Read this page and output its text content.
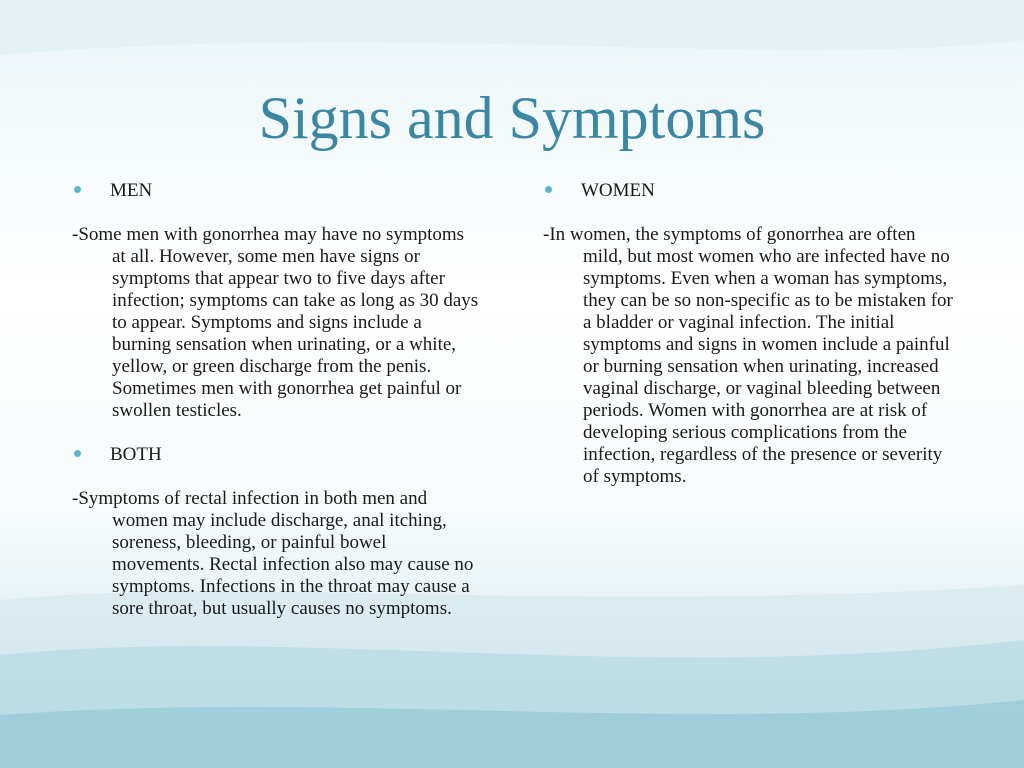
Signs and Symptoms
MEN

-Some men with gonorrhea may have no symptoms at all. However, some men have signs or symptoms that appear two to five days after infection; symptoms can take as long as 30 days to appear. Symptoms and signs include a burning sensation when urinating, or a white, yellow, or green discharge from the penis. Sometimes men with gonorrhea get painful or swollen testicles.

BOTH

-Symptoms of rectal infection in both men and women may include discharge, anal itching, soreness, bleeding, or painful bowel movements. Rectal infection also may cause no symptoms. Infections in the throat may cause a sore throat, but usually causes no symptoms.

WOMEN

-In women, the symptoms of gonorrhea are often mild, but most women who are infected have no symptoms. Even when a woman has symptoms, they can be so non-specific as to be mistaken for a bladder or vaginal infection. The initial symptoms and signs in women include a painful or burning sensation when urinating, increased vaginal discharge, or vaginal bleeding between periods. Women with gonorrhea are at risk of developing serious complications from the infection, regardless of the presence or severity of symptoms.
